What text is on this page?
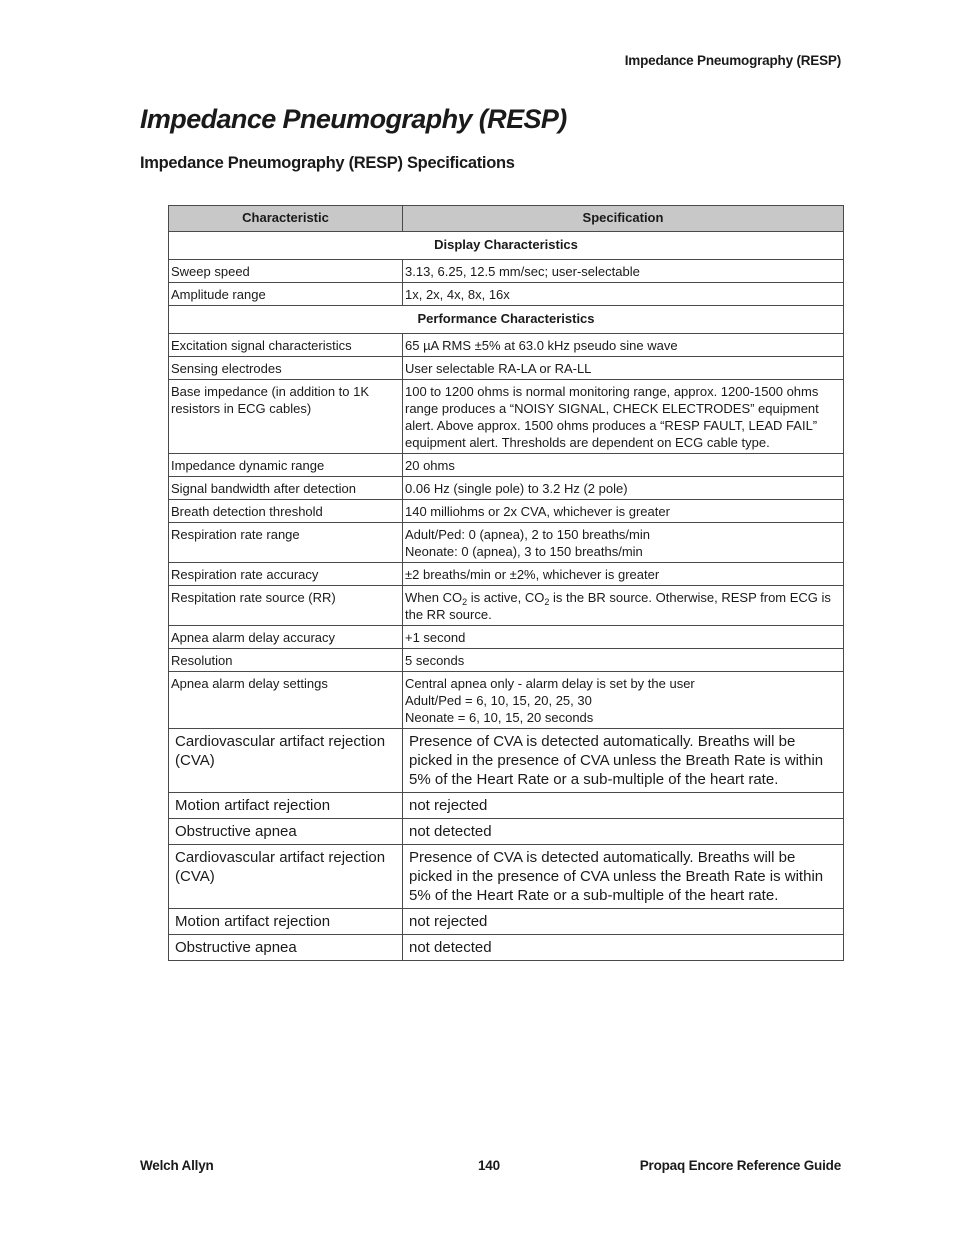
Impedance Pneumography (RESP)
Impedance Pneumography (RESP)
Impedance Pneumography (RESP) Specifications
Characteristic	Specification
Display Characteristics	
Sweep speed	3.13, 6.25, 12.5 mm/sec; user-selectable
Amplitude range	1x, 2x, 4x, 8x, 16x
Performance Characteristics	
Excitation signal characteristics	65 µA RMS ±5% at 63.0 kHz pseudo sine wave
Sensing electrodes	User selectable RA-LA or RA-LL
Base impedance (in addition to 1K resistors in ECG cables)	100 to 1200 ohms is normal monitoring range, approx. 1200-1500 ohms range produces a “NOISY SIGNAL, CHECK ELECTRODES” equipment alert. Above approx. 1500 ohms produces a “RESP FAULT, LEAD FAIL” equipment alert. Thresholds are dependent on ECG cable type.
Impedance dynamic range	20 ohms
Signal bandwidth after detection	0.06 Hz (single pole) to 3.2 Hz (2 pole)
Breath detection threshold	140 milliohms or 2x CVA, whichever is greater
Respiration rate range	Adult/Ped: 0 (apnea), 2 to 150 breaths/min
Neonate: 0 (apnea), 3 to 150 breaths/min

Respiration rate accuracy	±2 breaths/min or ±2%, whichever is greater
Respitation rate source (RR)	When $CO_2$ is active, $CO_2$ is the BR source. Otherwise, RESP from ECG is the RR source.
Apnea alarm delay accuracy	+1 second
Resolution	5 seconds
Apnea alarm delay settings	Central apnea only - alarm delay is set by the user
Adult/Ped = 6, 10, 15, 20, 25, 30
Neonate = 6, 10, 15, 20 seconds

Cardiovascular artifact rejection (CVA)	Presence of CVA is detected automatically. Breaths will be picked in the presence of CVA unless the Breath Rate is within 5% of the Heart Rate or a sub-multiple of the heart rate.
Motion artifact rejection	not rejected
Obstructive apnea	not detected
Cardiovascular artifact rejection (CVA)	Presence of CVA is detected automatically. Breaths will be picked in the presence of CVA unless the Breath Rate is within 5% of the Heart Rate or a sub-multiple of the heart rate.
Motion artifact rejection	not rejected
Obstructive apnea	not detected
Welch Allyn	140	Propaq Encore Reference Guide
